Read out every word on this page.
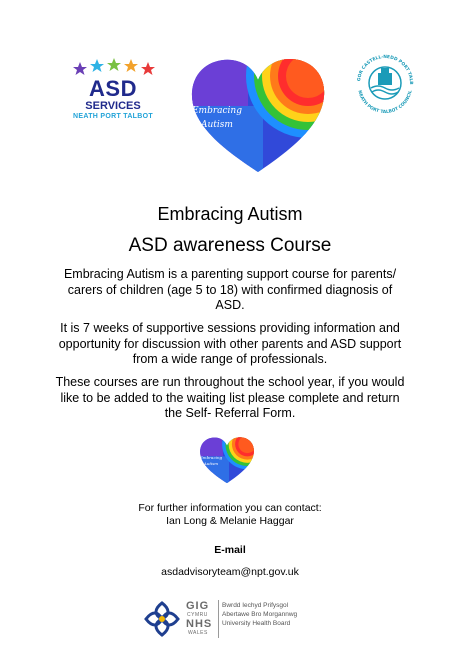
ASD
SERVICES
NEATH PORT TALBOT
Embracing
Autism
GOR CASTELL-NEDD PORT TALB
NEATH PORT TALBOT COUNCIL
Embracing Autism
ASD awareness Course
Embracing Autism is a parenting support course for parents/ carers of children (age 5 to 18) with confirmed diagnosis of ASD.
It is 7 weeks of supportive sessions providing information and opportunity for discussion with other parents and ASD support from a wide range of professionals.
These courses are run throughout the school year, if you would like to be added to the waiting list please complete and return the Self- Referral Form.
Embracing
Autism
For further information you can contact:
Ian Long & Melanie Haggar
E-mail
asdadvisoryteam@npt.gov.uk
GIG
CYMRU
NHS
WALES
Bwrdd Iechyd Prifysgol
Abertawe Bro Morgannwg
University Health Board
